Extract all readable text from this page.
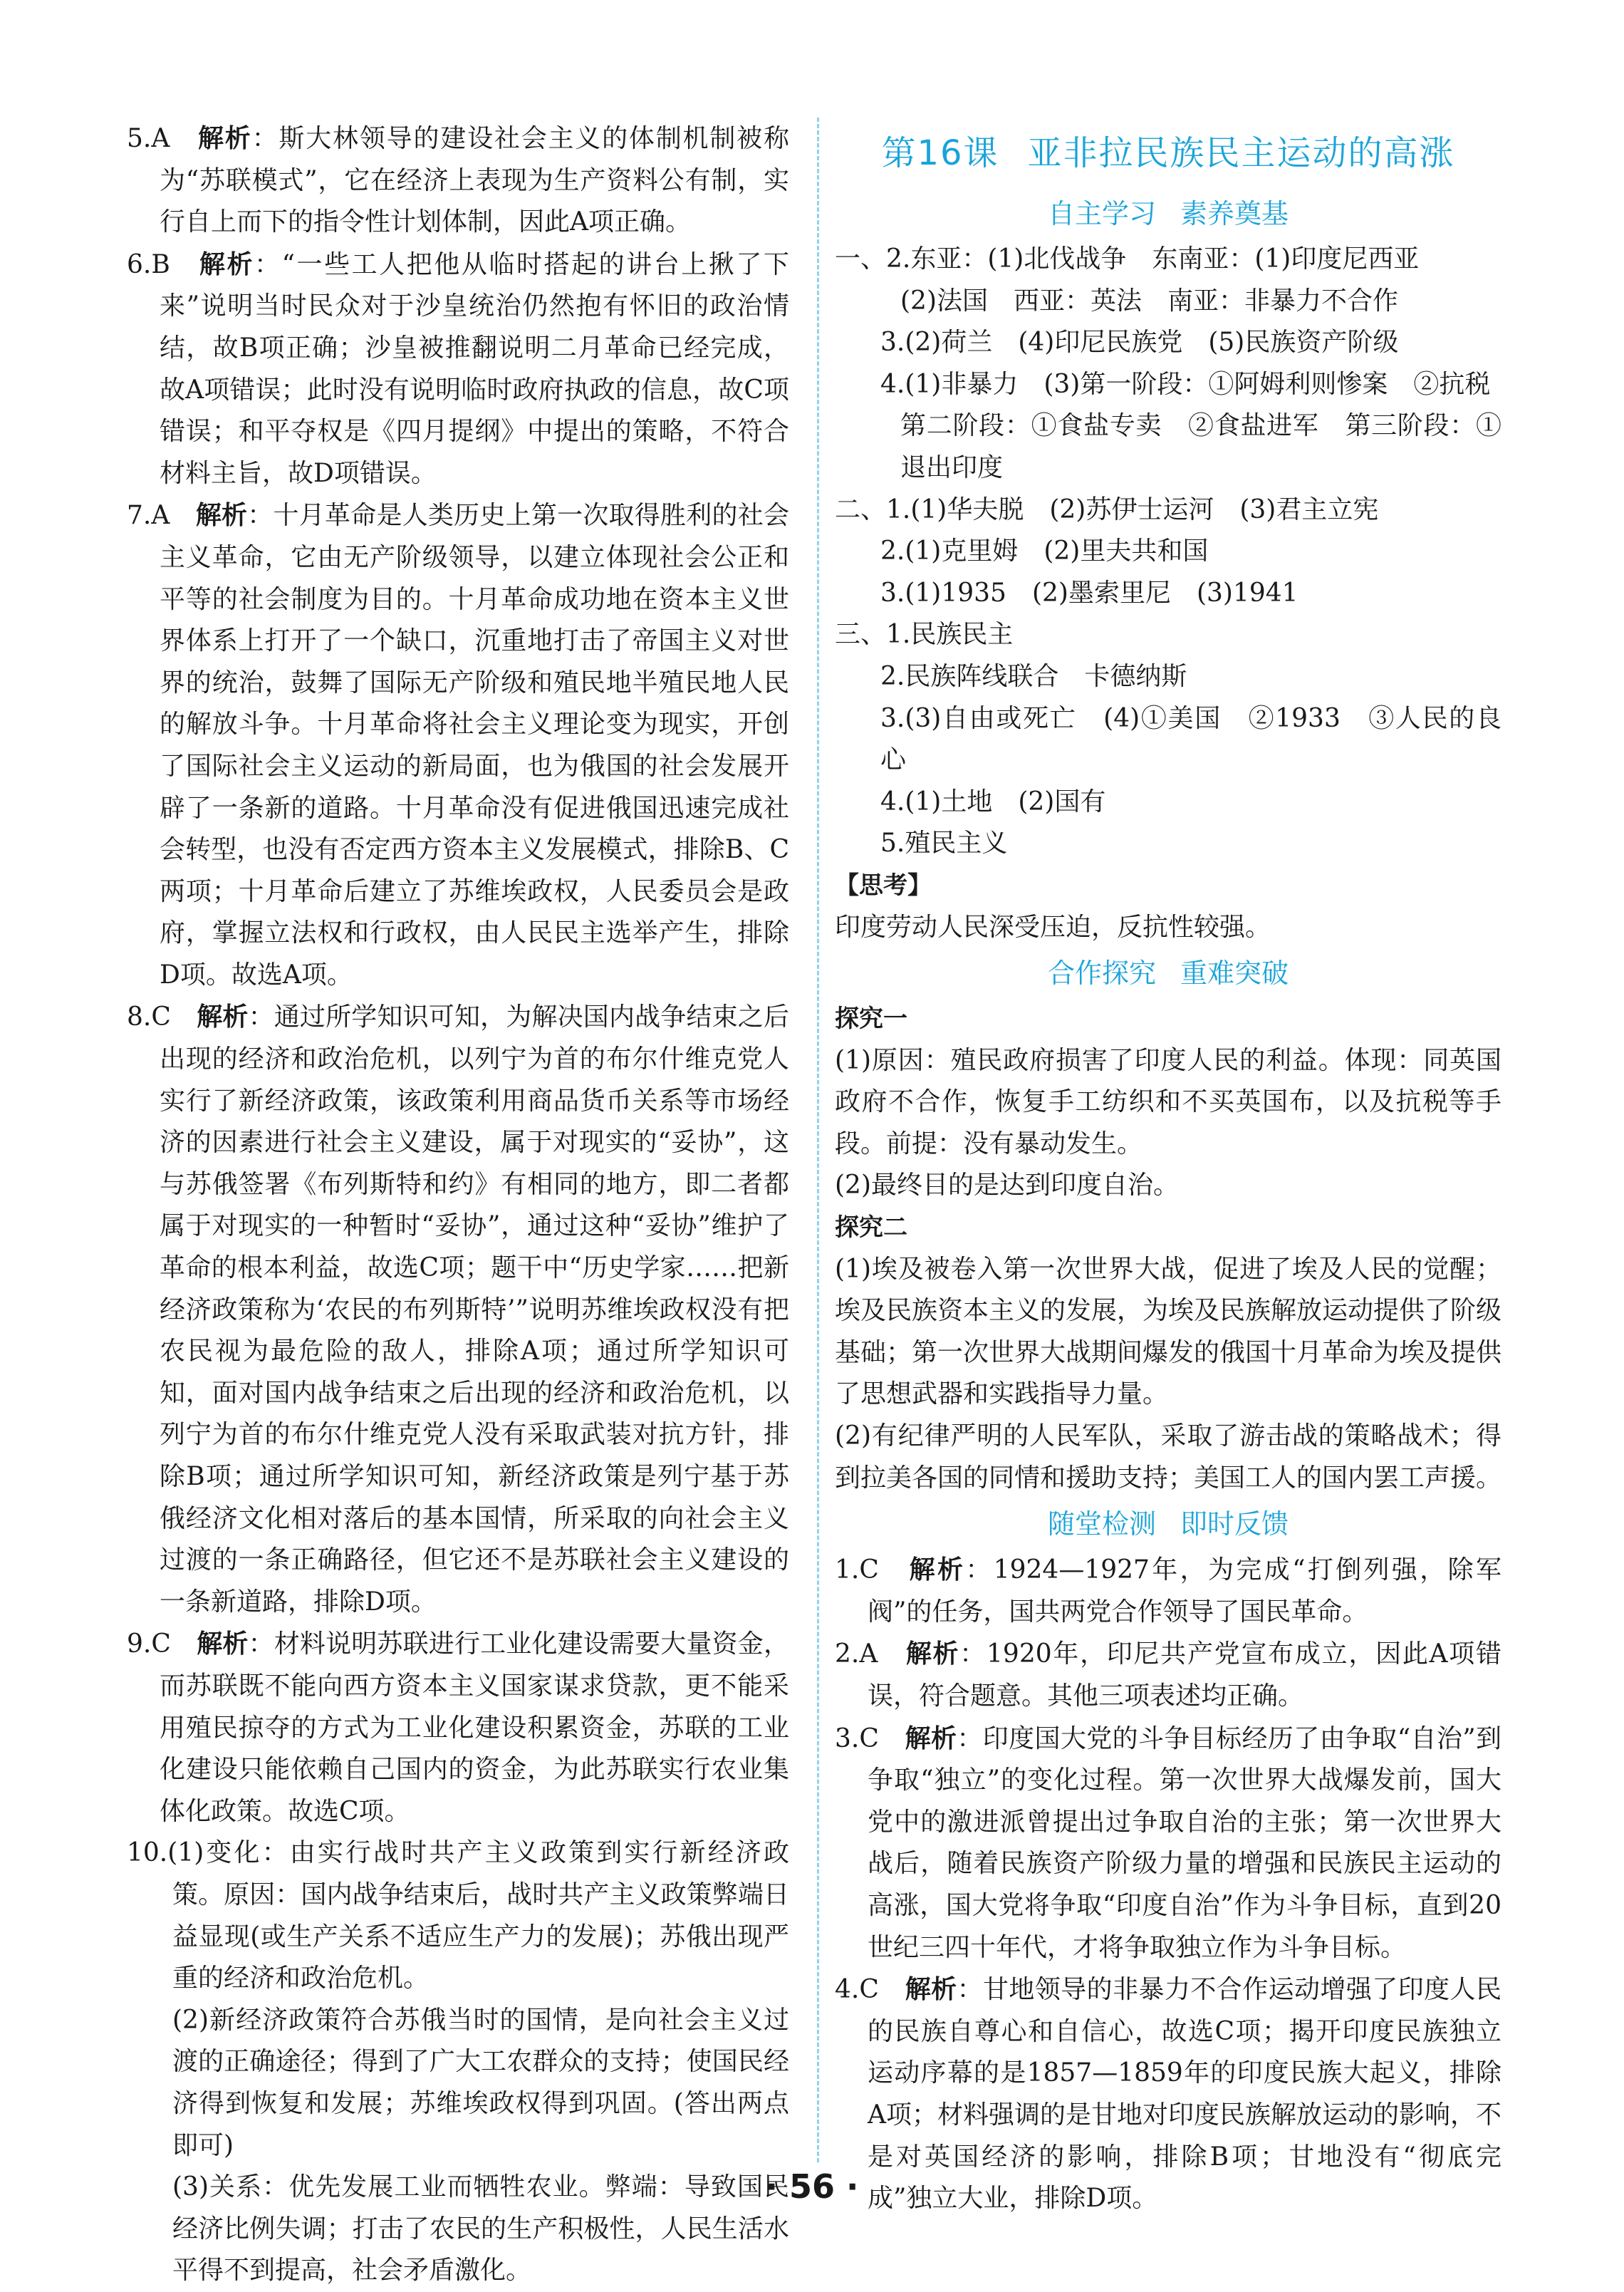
5.A　 解析：斯大林领导的建设社会主义的体制机制被称为“苏联模式”，它在经济上表现为生产资料公有制，实行自上而下的指令性计划体制，因此A项正确。

6.B　 解析：“一些工人把他从临时搭起的讲台上揪了下来”说明当时民众对于沙皇统治仍然抱有怀旧的政治情结，故B项正确；沙皇被推翻说明二月革命已经完成，故A项错误；此时没有说明临时政府执政的信息，故C项错误；和平夺权是《四月提纲》中提出的策略，不符合材料主旨，故D项错误。

7.A　 解析：十月革命是人类历史上第一次取得胜利的社会主义革命，它由无产阶级领导，以建立体现社会公正和平等的社会制度为目的。十月革命成功地在资本主义世界体系上打开了一个缺口，沉重地打击了帝国主义对世界的统治，鼓舞了国际无产阶级和殖民地半殖民地人民的解放斗争。十月革命将社会主义理论变为现实，开创了国际社会主义运动的新局面，也为俄国的社会发展开辟了一条新的道路。十月革命没有促进俄国迅速完成社会转型，也没有否定西方资本主义发展模式，排除B、C两项；十月革命后建立了苏维埃政权，人民委员会是政府，掌握立法权和行政权，由人民民主选举产生，排除D项。故选A项。

8.C　 解析：通过所学知识可知，为解决国内战争结束之后出现的经济和政治危机，以列宁为首的布尔什维克党人实行了新经济政策，该政策利用商品货币关系等市场经济的因素进行社会主义建设，属于对现实的“妥协”，这与苏俄签署《布列斯特和约》有相同的地方，即二者都属于对现实的一种暂时“妥协”，通过这种“妥协”维护了革命的根本利益，故选C项；题干中“历史学家……把新经济政策称为‘农民的布列斯特’”说明苏维埃政权没有把农民视为最危险的敌人，排除A项；通过所学知识可知，面对国内战争结束之后出现的经济和政治危机，以列宁为首的布尔什维克党人没有采取武装对抗方针，排除B项；通过所学知识可知，新经济政策是列宁基于苏俄经济文化相对落后的基本国情，所采取的向社会主义过渡的一条正确路径，但它还不是苏联社会主义建设的一条新道路，排除D项。

9.C　 解析：材料说明苏联进行工业化建设需要大量资金，而苏联既不能向西方资本主义国家谋求贷款，更不能采用殖民掠夺的方式为工业化建设积累资金，苏联的工业化建设只能依赖自己国内的资金，为此苏联实行农业集体化政策。故选C项。

10.(1)变化：由实行战时共产主义政策到实行新经济政策。原因：国内战争结束后，战时共产主义政策弊端日益显现(或生产关系不适应生产力的发展)；苏俄出现严重的经济和政治危机。

(2)新经济政策符合苏俄当时的国情，是向社会主义过渡的正确途径；得到了广大工农群众的支持；使国民经济得到恢复和发展；苏维埃政权得到巩固。(答出两点即可)

(3)关系：优先发展工业而牺牲农业。弊端：导致国民经济比例失调；打击了农民的生产积极性，人民生活水平得不到提高，社会矛盾激化。

第16课 亚非拉民族民主运动的高涨
自主学习 素养奠基

一、2.东亚：(1)北伐战争　东南亚：(1)印度尼西亚

(2)法国　西亚：英法　南亚：非暴力不合作

3.(2)荷兰　(4)印尼民族党　(5)民族资产阶级

4.(1)非暴力　(3)第一阶段：①阿姆利则惨案　②抗税

第二阶段：①食盐专卖　②食盐进军　第三阶段：①退出印度

二、1.(1)华夫脱　(2)苏伊士运河　(3)君主立宪

2.(1)克里姆　(2)里夫共和国

3.(1)1935　(2)墨索里尼　(3)1941

三、1.民族民主

2.民族阵线联合　卡德纳斯

3.(3)自由或死亡　(4)①美国　②1933　③人民的良心

4.(1)土地　(2)国有

5.殖民主义

【思考】

印度劳动人民深受压迫，反抗性较强。

合作探究 重难突破

探究一

(1)原因：殖民政府损害了印度人民的利益。体现：同英国政府不合作，恢复手工纺织和不买英国布，以及抗税等手段。前提：没有暴动发生。

(2)最终目的是达到印度自治。

探究二

(1)埃及被卷入第一次世界大战，促进了埃及人民的觉醒；埃及民族资本主义的发展，为埃及民族解放运动提供了阶级基础；第一次世界大战期间爆发的俄国十月革命为埃及提供了思想武器和实践指导力量。

(2)有纪律严明的人民军队，采取了游击战的策略战术；得到拉美各国的同情和援助支持；美国工人的国内罢工声援。

随堂检测 即时反馈

1.C　 解析：1924—1927年，为完成“打倒列强，除军阀”的任务，国共两党合作领导了国民革命。

2.A　 解析：1920年，印尼共产党宣布成立，因此A项错误，符合题意。其他三项表述均正确。

3.C　 解析：印度国大党的斗争目标经历了由争取“自治”到争取“独立”的变化过程。第一次世界大战爆发前，国大党中的激进派曾提出过争取自治的主张；第一次世界大战后，随着民族资产阶级力量的增强和民族民主运动的高涨，国大党将争取“印度自治”作为斗争目标，直到20世纪三四十年代，才将争取独立作为斗争目标。

4.C　 解析：甘地领导的非暴力不合作运动增强了印度人民的民族自尊心和自信心，故选C项；揭开印度民族独立运动序幕的是1857—1859年的印度民族大起义，排除A项；材料强调的是甘地对印度民族解放运动的影响，不是对英国经济的影响，排除B项；甘地没有“彻底完成”独立大业，排除D项。

· 56 ·
